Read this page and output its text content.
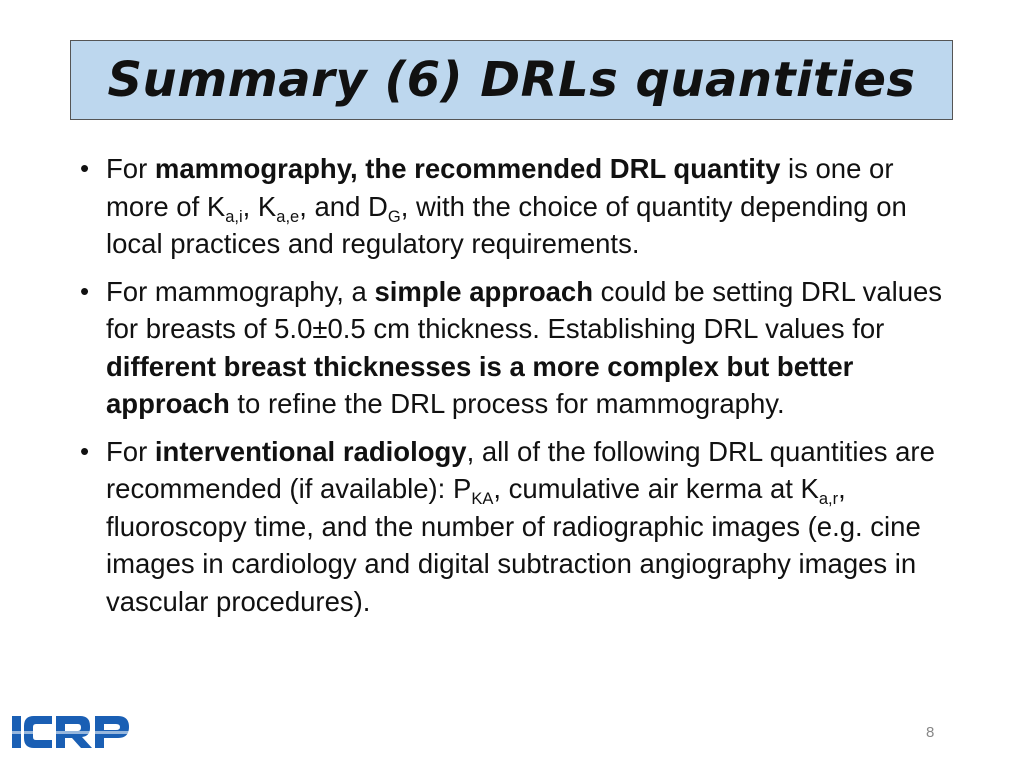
Summary (6) DRLs quantities
• For mammography, the recommended DRL quantity is one or more of $K_{a,i}$, $K_{a,e}$, and $D_G$, with the choice of quantity depending on local practices and regulatory requirements.
• For mammography, a simple approach could be setting DRL values for breasts of 5.0±0.5 cm thickness. Establishing DRL values for different breast thicknesses is a more complex but better approach to refine the DRL process for mammography.
• For interventional radiology, all of the following DRL quantities are recommended (if available): $P_{KA}$, cumulative air kerma at $K_{a,r}$, fluoroscopy time, and the number of radiographic images (e.g. cine images in cardiology and digital subtraction angiography images in vascular procedures).
8
